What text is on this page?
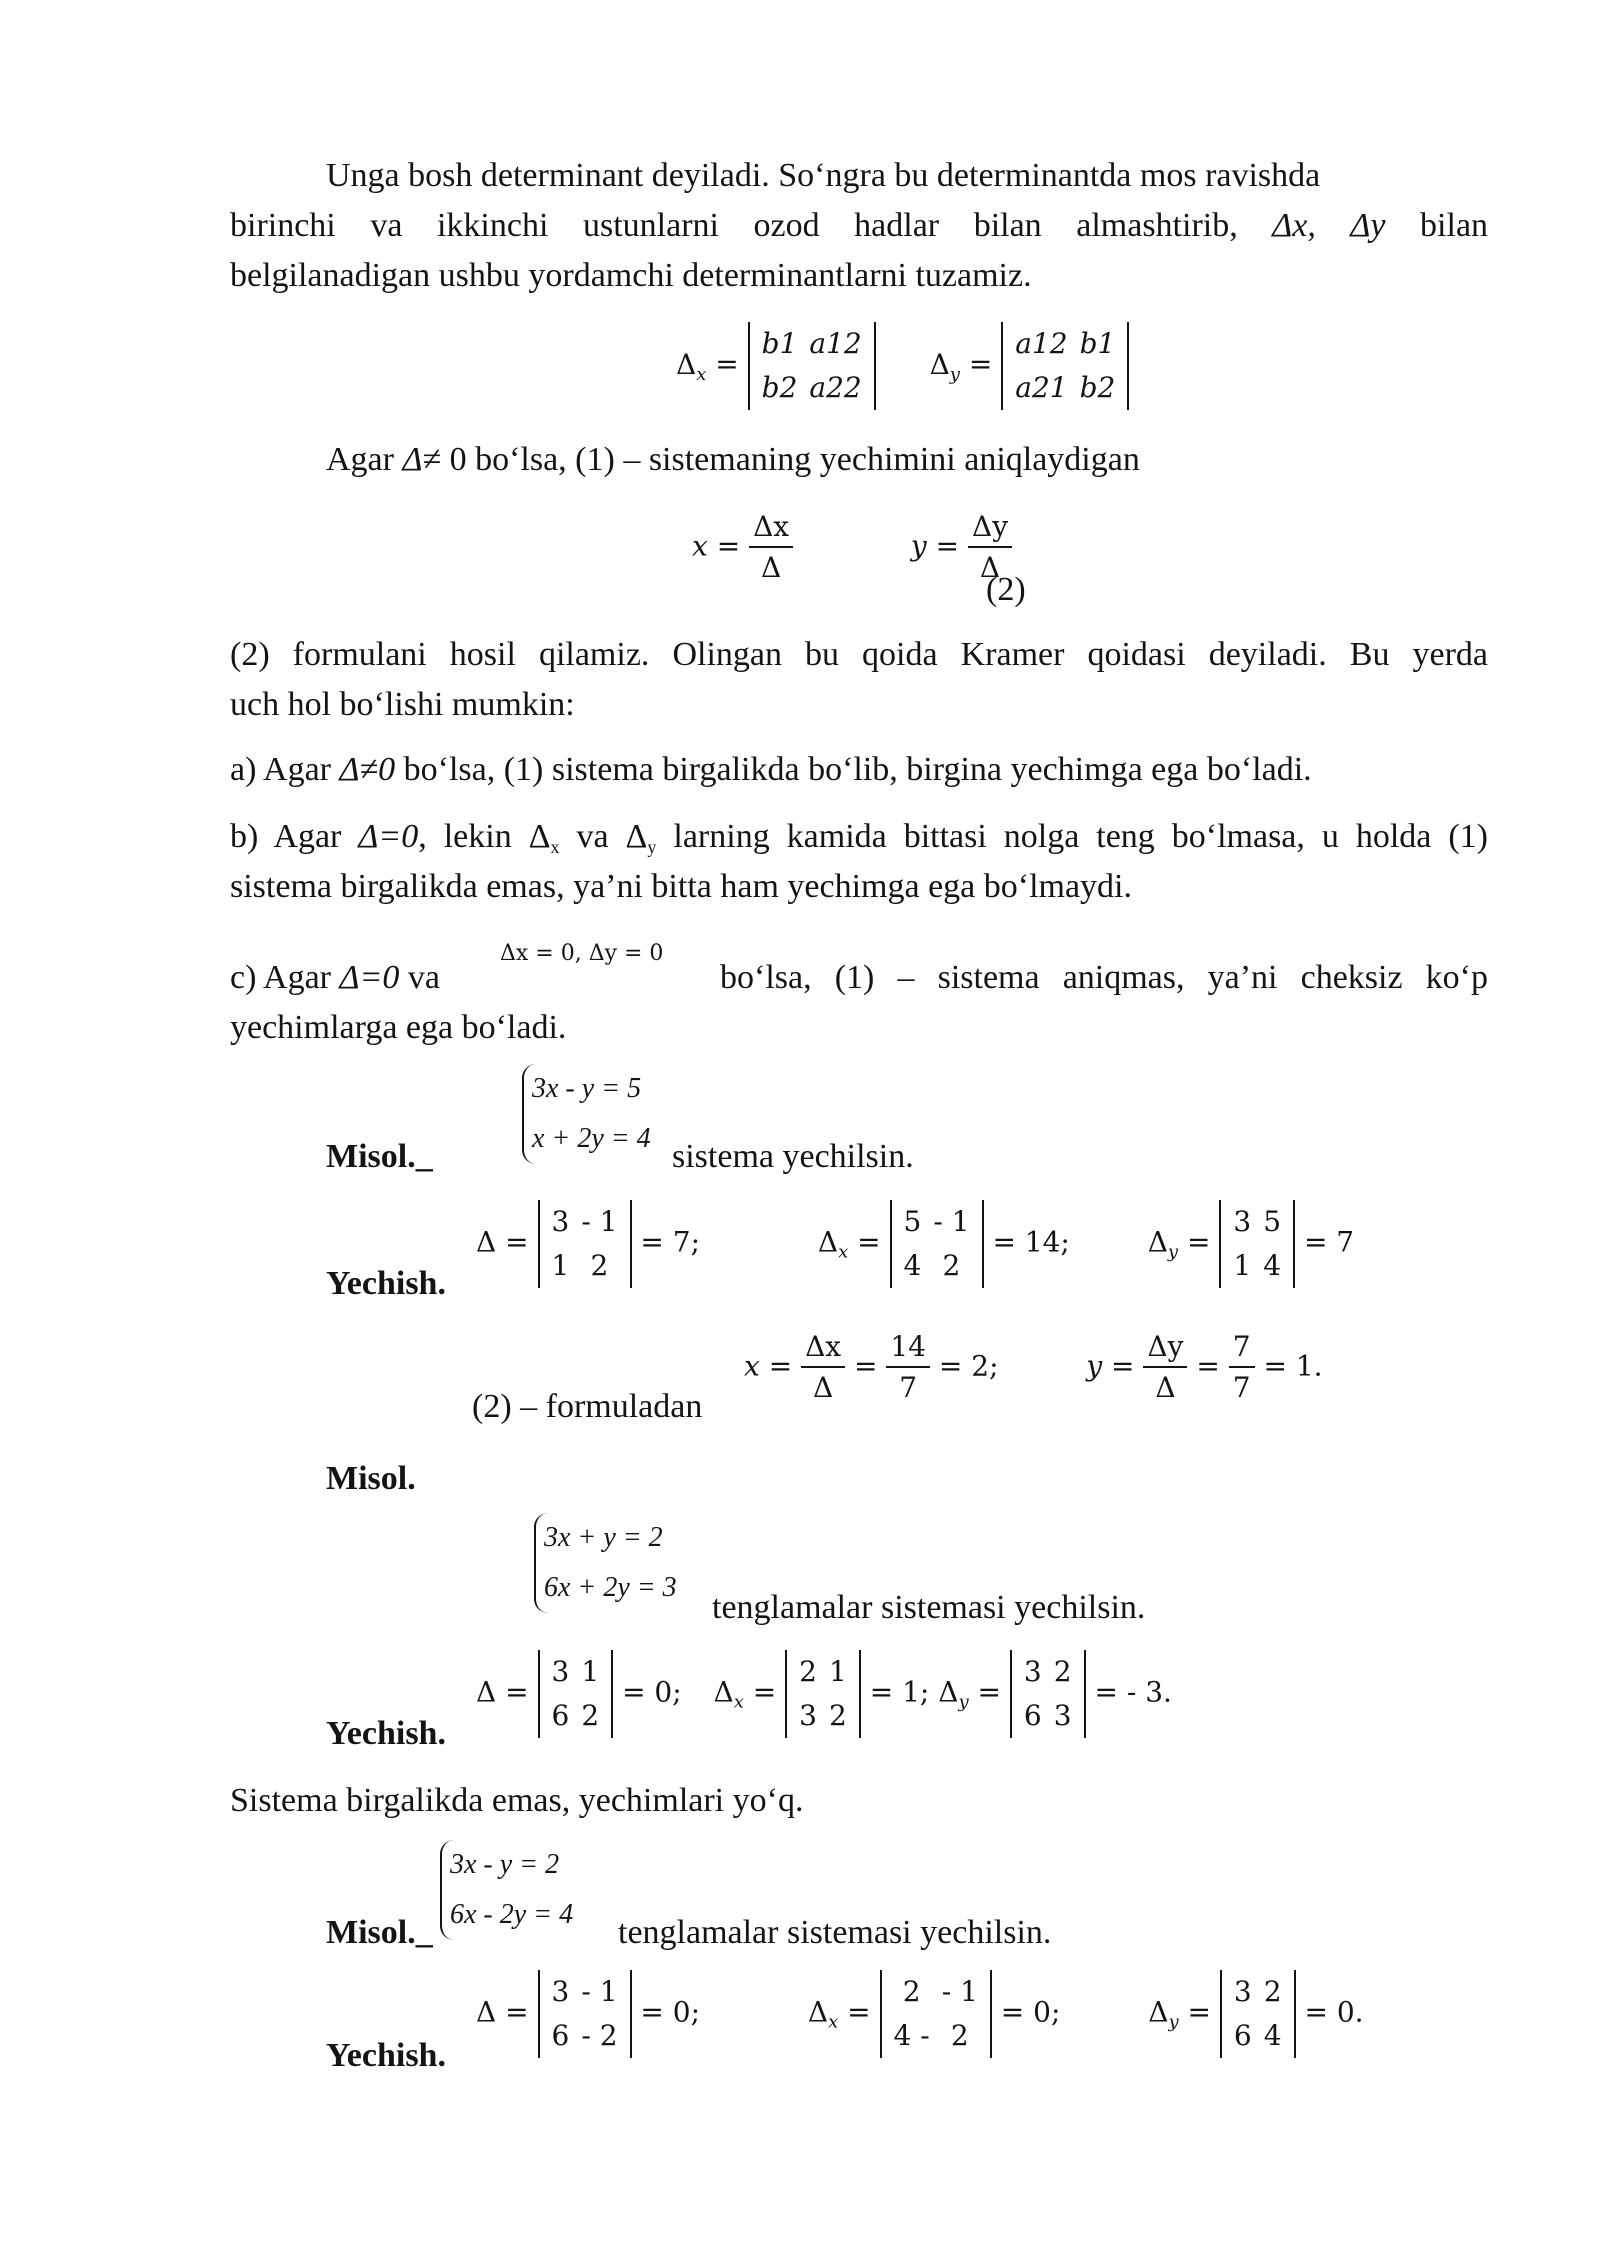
Unga bosh determinant deyiladi. So‘ngra bu determinantda mos ravishda
birinchi va ikkinchi ustunlarni ozod hadlar bilan almashtirib, Δx, Δy bilan
belgilanadigan ushbu yordamchi determinantlarni tuzamiz.
$\Delta_x$ =
b1	a12
b2	a22
$\Delta_y$ =
a12	b1
a21	b2
Agar Δ≠ 0 bo‘lsa, (1) – sistemaning yechimini aniqlaydigan
$x = \frac{\Delta x}{\Delta}$	$y = \frac{\Delta y}{\Delta}$
(2)
(2) formulani hosil qilamiz. Olingan bu qoida Kramer qoidasi deyiladi. Bu yerda
uch hol bo‘lishi mumkin:
a) Agar Δ≠0 bo‘lsa, (1) sistema birgalikda bo‘lib, birgina yechimga ega bo‘ladi.
b) Agar Δ=0, lekin $\Delta_x$ va $\Delta_y$ larning kamida bittasi nolga teng bo‘lmasa, u holda (1)
sistema birgalikda emas, ya’ni bitta ham yechimga ega bo‘lmaydi.
c) Agar Δ=0 va
Δx = 0, Δy = 0
bo‘lsa, (1) – sistema aniqmas, ya’ni cheksiz ko‘p
yechimlarga ega bo‘ladi.
3x - y = 5
x + 2y = 4
Misol._	sistema yechilsin.
Yechish.
Δ =
3	- 1
1	2
= 7;	$\Delta_x$ =
5	- 1
4	2
= 14;	$\Delta_y$ =
3	5
1	4
= 7
(2) – formuladan
$x = \frac{\Delta x}{\Delta} = \frac{14}{7} = 2$;	$y = \frac{\Delta y}{\Delta} = \frac{7}{7} = 1$.
Misol.
3x + y = 2
6x + 2y = 3
tenglamalar sistemasi yechilsin.
Yechish.
Δ =
3	1
6	2
= 0; $\Delta_x$ =
2	1
3	2
= 1; $\Delta_y$ =
3	2
6	3
= - 3.
Sistema birgalikda emas, yechimlari yo‘q.
3x - y = 2
6x - 2y = 4
Misol._	tenglamalar sistemasi yechilsin.
Yechish.
Δ =
3	- 1
6	- 2
= 0;	$\Delta_x$ =
2	- 1
4 -	2
= 0;	$\Delta_y$ =
3	2
6	4
= 0.
